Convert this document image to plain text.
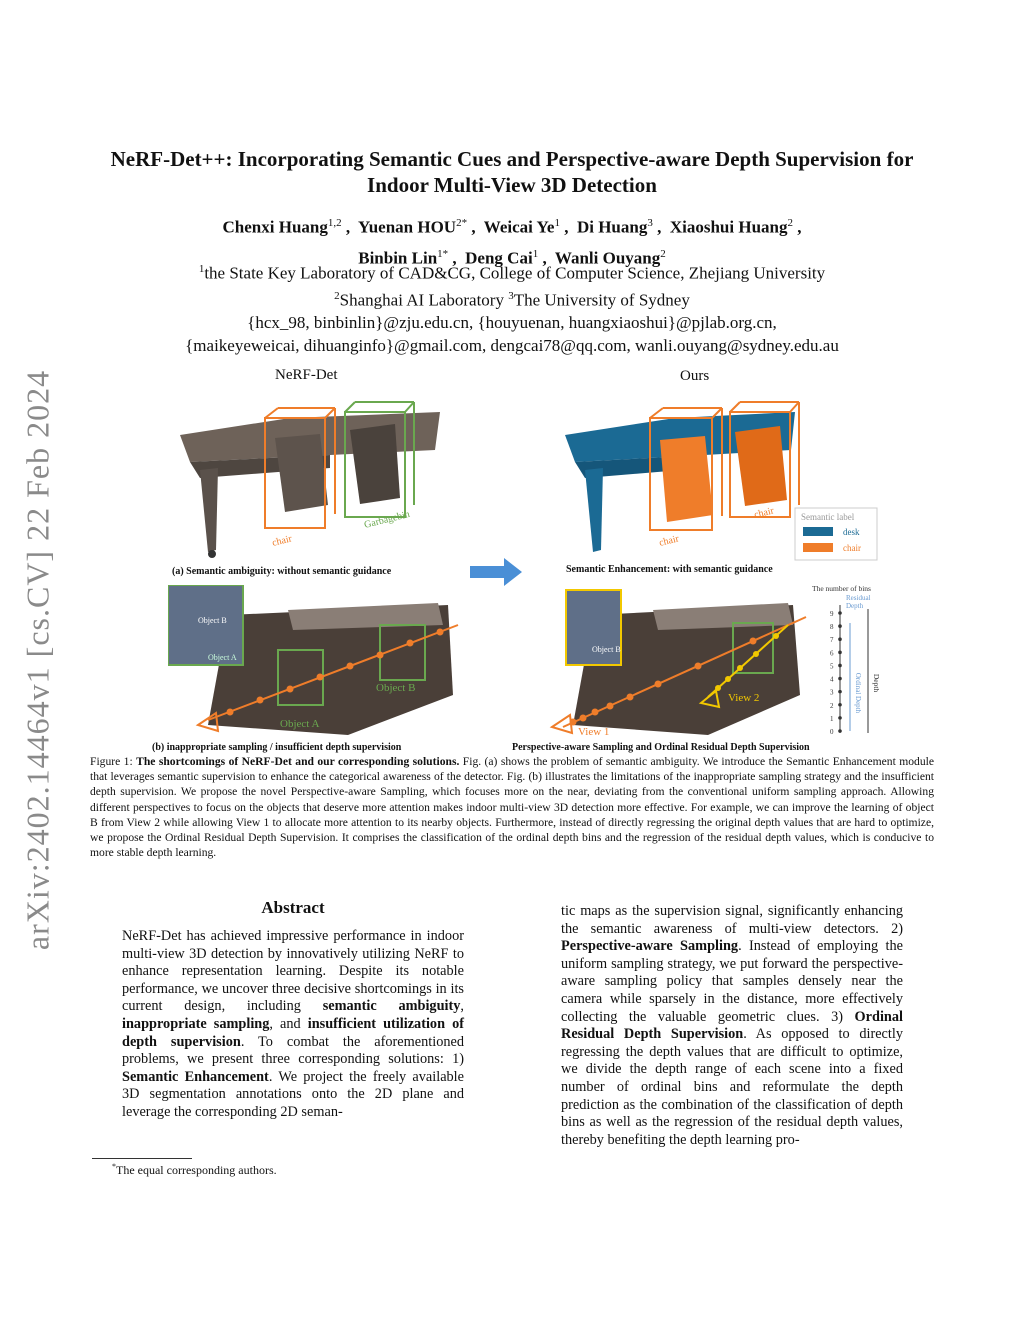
arXiv:2402.14464v1 [cs.CV] 22 Feb 2024
NeRF-Det++: Incorporating Semantic Cues and Perspective-aware Depth Supervision for Indoor Multi-View 3D Detection
Chenxi Huang$^{1,2}$ ,  Yuenan $HOU^{2*}$ ,  Weicai Ye$^1$ ,  Di Huang$^3$ ,  Xiaoshui Huang$^2$ ,
Binbin Lin$^{1*}$ ,  Deng Cai$^1$ ,  Wanli Ouyang$^2$
$^1$the State Key Laboratory of CAD&CG, College of Computer Science, Zhejiang University
$^2$Shanghai AI Laboratory $^3$The University of Sydney
{hcx_98, binbinlin}@zju.edu.cn, {houyuenan, huangxiaoshui}@pjlab.org.cn,
{maikeyeweicai, dihuanginfo}@gmail.com, dengcai78@qq.com, wanli.ouyang@sydney.edu.au
NeRF-Det	Ours
chair
Garbagebin
chair
chair	Semantic label
desk
chair
(a) Semantic ambiguity: without semantic guidance	Semantic Enhancement: with semantic guidance
Object B
Object A
Object B
Object A
Object B
View 2
View 1
The number of bins
Residual
Depth
9
8
7
6
5
4
3
2
1
0
Ordinal Depth Depth
(b) inappropriate sampling / insufficient depth supervision	Perspective-aware Sampling and Ordinal Residual Depth Supervision
Figure 1: The shortcomings of NeRF-Det and our corresponding solutions. Fig. (a) shows the problem of semantic ambiguity. We introduce the Semantic Enhancement module that leverages semantic supervision to enhance the categorical awareness of the detector. Fig. (b) illustrates the limitations of the inappropriate sampling strategy and the insufficient depth supervision. We propose the novel Perspective-aware Sampling, which focuses more on the near, deviating from the conventional uniform sampling approach. Allowing different perspectives to focus on the objects that deserve more attention makes indoor multi-view 3D detection more effective. For example, we can improve the learning of object B from View 2 while allowing View 1 to allocate more attention to its nearby objects. Furthermore, instead of directly regressing the original depth values that are hard to optimize, we propose the Ordinal Residual Depth Supervision. It comprises the classification of the ordinal depth bins and the regression of the residual depth values, which is conducive to more stable depth learning.
Abstract
NeRF-Det has achieved impressive performance in indoor multi-view 3D detection by innovatively utilizing NeRF to enhance representation learning. Despite its notable performance, we uncover three decisive shortcomings in its current design, including semantic ambiguity, inappropriate sampling, and insufficient utilization of depth supervision. To combat the aforementioned problems, we present three corresponding solutions: 1) Semantic Enhancement. We project the freely available 3D segmentation annotations onto the 2D plane and leverage the corresponding 2D seman-
tic maps as the supervision signal, significantly enhancing the semantic awareness of multi-view detectors. 2) Perspective-aware Sampling. Instead of employing the uniform sampling strategy, we put forward the perspective-aware sampling policy that samples densely near the camera while sparsely in the distance, more effectively collecting the valuable geometric clues. 3) Ordinal Residual Depth Supervision. As opposed to directly regressing the depth values that are difficult to optimize, we divide the depth range of each scene into a fixed number of ordinal bins and reformulate the depth prediction as the combination of the classification of depth bins as well as the regression of the residual depth values, thereby benefiting the depth learning pro-
*The equal corresponding authors.
